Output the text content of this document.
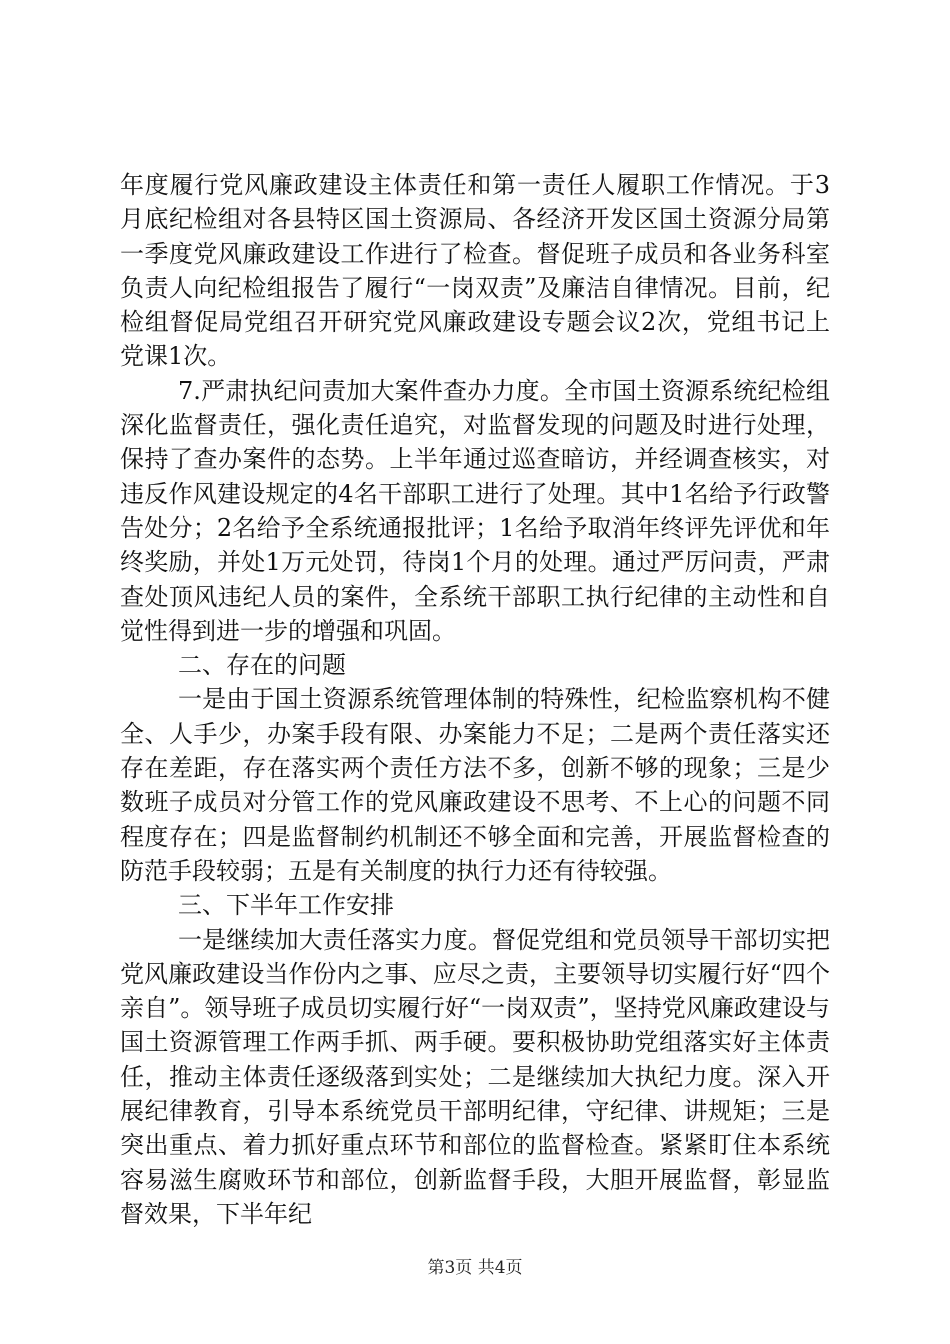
年度履行党风廉政建设主体责任和第一责任人履职工作情况。于3月底纪检组对各县特区国土资源局、各经济开发区国土资源分局第一季度党风廉政建设工作进行了检查。督促班子成员和各业务科室负责人向纪检组报告了履行“一岗双责”及廉洁自律情况。目前，纪检组督促局党组召开研究党风廉政建设专题会议2次，党组书记上党课1次。

7.严肃执纪问责加大案件查办力度。全市国土资源系统纪检组深化监督责任，强化责任追究，对监督发现的问题及时进行处理，保持了查办案件的态势。上半年通过巡查暗访，并经调查核实，对违反作风建设规定的4名干部职工进行了处理。其中1名给予行政警告处分；2名给予全系统通报批评；1名给予取消年终评先评优和年终奖励，并处1万元处罚，待岗1个月的处理。通过严厉问责，严肃查处顶风违纪人员的案件，全系统干部职工执行纪律的主动性和自觉性得到进一步的增强和巩固。

二、存在的问题

一是由于国土资源系统管理体制的特殊性，纪检监察机构不健全、人手少，办案手段有限、办案能力不足；二是两个责任落实还存在差距，存在落实两个责任方法不多，创新不够的现象；三是少数班子成员对分管工作的党风廉政建设不思考、不上心的问题不同程度存在；四是监督制约机制还不够全面和完善，开展监督检查的防范手段较弱；五是有关制度的执行力还有待较强。

三、下半年工作安排

一是继续加大责任落实力度。督促党组和党员领导干部切实把党风廉政建设当作份内之事、应尽之责，主要领导切实履行好“四个亲自”。领导班子成员切实履行好“一岗双责”，坚持党风廉政建设与国土资源管理工作两手抓、两手硬。要积极协助党组落实好主体责任，推动主体责任逐级落到实处；二是继续加大执纪力度。深入开展纪律教育，引导本系统党员干部明纪律，守纪律、讲规矩；三是突出重点、着力抓好重点环节和部位的监督检查。紧紧盯住本系统容易滋生腐败环节和部位，创新监督手段，大胆开展监督，彰显监督效果，下半年纪

第3页 共4页
